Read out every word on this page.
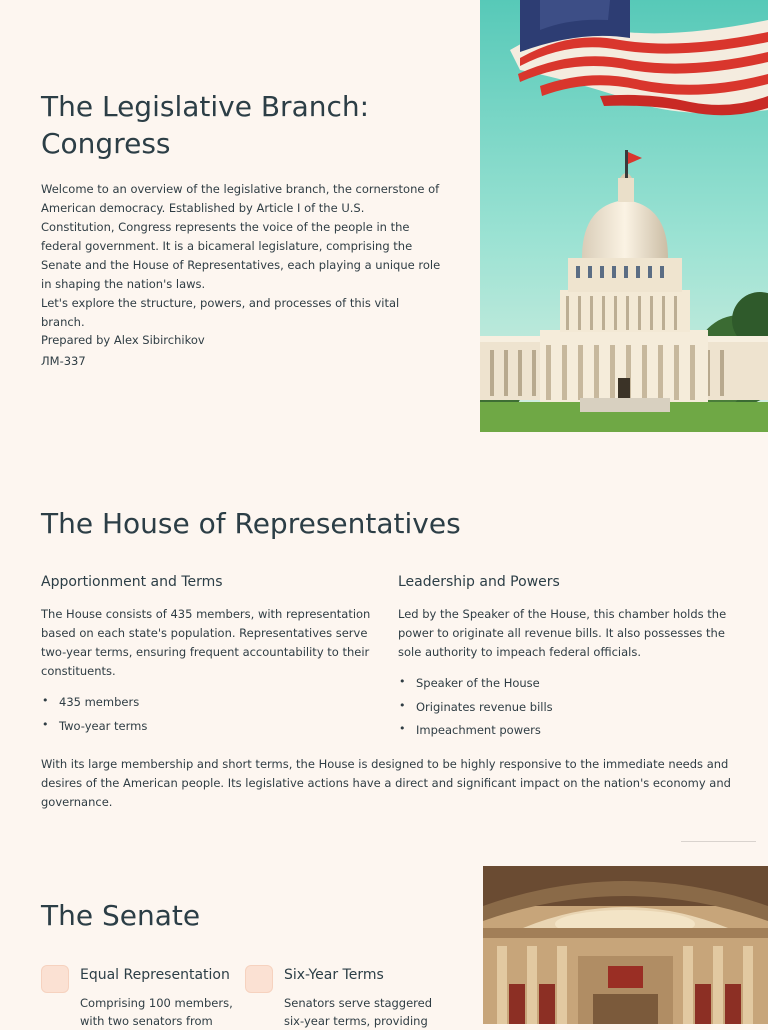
The Legislative Branch: Congress

Welcome to an overview of the legislative branch, the cornerstone of American democracy. Established by Article I of the U.S. Constitution, Congress represents the voice of the people in the federal government. It is a bicameral legislature, comprising the Senate and the House of Representatives, each playing a unique role in shaping the nation's laws.

Let's explore the structure, powers, and processes of this vital branch.

Prepared by Alex Sibirchikov
ЛМ-337
The House of Representatives
Apportionment and Terms

The House consists of 435 members, with representation based on each state's population. Representatives serve two-year terms, ensuring frequent accountability to their constituents.

• 435 members
• Two-year terms
Leadership and Powers

Led by the Speaker of the House, this chamber holds the power to originate all revenue bills. It also possesses the sole authority to impeach federal officials.

• Speaker of the House
• Originates revenue bills
• Impeachment powers

With its large membership and short terms, the House is designed to be highly responsive to the immediate needs and desires of the American people. Its legislative actions have a direct and significant impact on the nation's economy and governance.

The Senate
Equal Representation
Comprising 100 members, with two senators from
Six-Year Terms
Senators serve staggered six-year terms, providing
